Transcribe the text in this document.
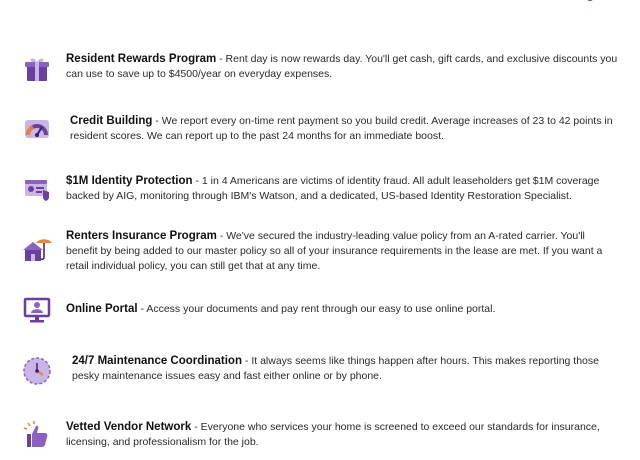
Resident Rewards Program - Rent day is now rewards day. You'll get cash, gift cards, and exclusive discounts you can use to save up to $4500/year on everyday expenses.
Credit Building - We report every on-time rent payment so you build credit. Average increases of 23 to 42 points in resident scores. We can report up to the past 24 months for an immediate boost.
$1M Identity Protection - 1 in 4 Americans are victims of identity fraud. All adult leaseholders get $1M coverage backed by AIG, monitoring through IBM's Watson, and a dedicated, US-based Identity Restoration Specialist.
Renters Insurance Program - We've secured the industry-leading value policy from an A-rated carrier. You'll benefit by being added to our master policy so all of your insurance requirements in the lease are met. If you want a retail individual policy, you can still get that at any time.
Online Portal - Access your documents and pay rent through our easy to use online portal.
24/7 Maintenance Coordination - It always seems like things happen after hours. This makes reporting those pesky maintenance issues easy and fast either online or by phone.
Vetted Vendor Network - Everyone who services your home is screened to exceed our standards for insurance, licensing, and professionalism for the job.
